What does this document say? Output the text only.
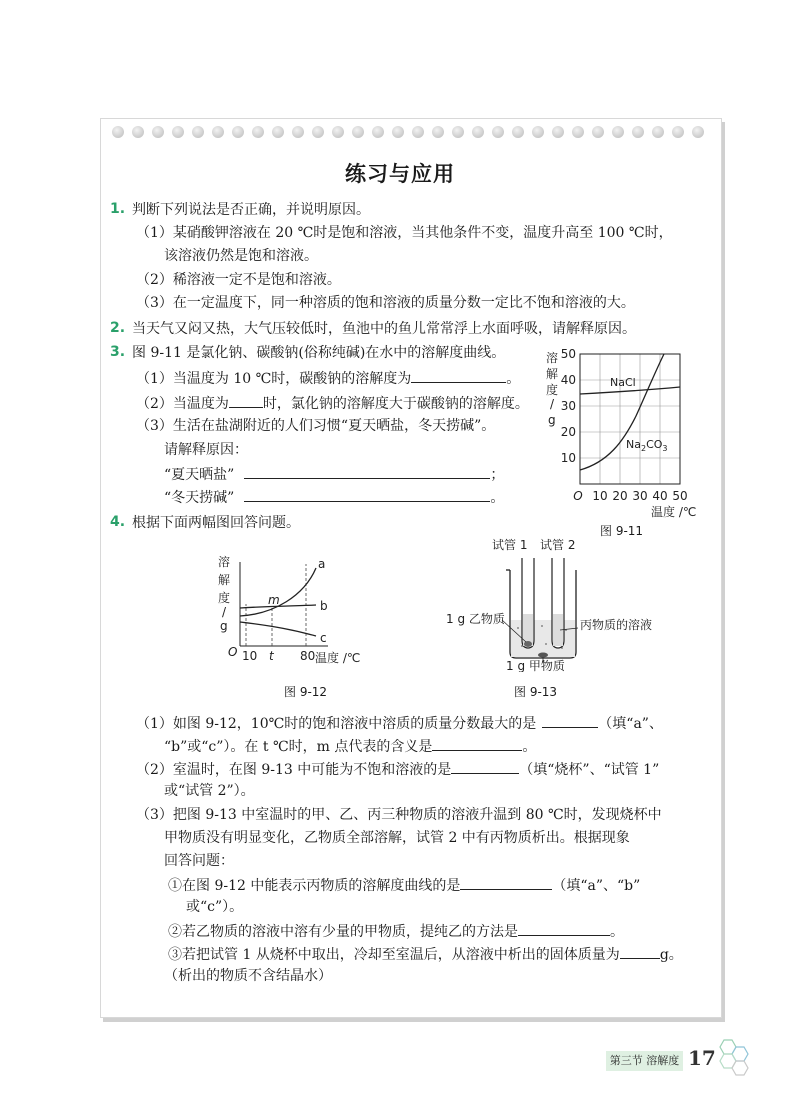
练习与应用
1. 判断下列说法是否正确，并说明原因。
（1）某硝酸钾溶液在 20 ℃时是饱和溶液，当其他条件不变，温度升高至 100 ℃时，
该溶液仍然是饱和溶液。
（2）稀溶液一定不是饱和溶液。
（3）在一定温度下，同一种溶质的饱和溶液的质量分数一定比不饱和溶液的大。
2. 当天气又闷又热，大气压较低时，鱼池中的鱼儿常常浮上水面呼吸，请解释原因。
3. 图 9-11 是氯化钠、碳酸钠(俗称纯碱)在水中的溶解度曲线。
（1）当温度为 10 ℃时，碳酸钠的溶解度为	。
（2）当温度为 时，氯化钠的溶解度大于碳酸钠的溶解度。
（3）生活在盐湖附近的人们习惯“夏天晒盐，冬天捞碱”。
请解释原因：
“夏天晒盐”	；
“冬天捞碱”	。
溶
解
度
/
g
50
40
30
20
10
O 10 20 30 40 50
温度 /℃
NaCl
$Na_2CO_3$
图 9-11
4. 根据下面两幅图回答问题。
溶
解
度
/
g
a
b
c
m
O 10 t 80 温度 /℃
图 9-12
试管 1 试管 2
1 g 乙物质	丙物质的溶液
1 g 甲物质
图 9-13
（1）如图 9-12，10℃时的饱和溶液中溶质的质量分数最大的是	（填“a”、
“b”或“c”）。在 t ℃时，m 点代表的含义是	。
（2）室温时，在图 9-13 中可能为不饱和溶液的是	（填“烧杯”、“试管 1”
或“试管 2”）。
（3）把图 9-13 中室温时的甲、乙、丙三种物质的溶液升温到 80 ℃时，发现烧杯中
甲物质没有明显变化，乙物质全部溶解，试管 2 中有丙物质析出。根据现象
回答问题：
①在图 9-12 中能表示丙物质的溶解度曲线的是	（填“a”、“b”
或“c”）。
②若乙物质的溶液中溶有少量的甲物质，提纯乙的方法是	。
③若把试管 1 从烧杯中取出，冷却至室温后，从溶液中析出的固体质量为	g。
（析出的物质不含结晶水）
第三节 溶解度 17
